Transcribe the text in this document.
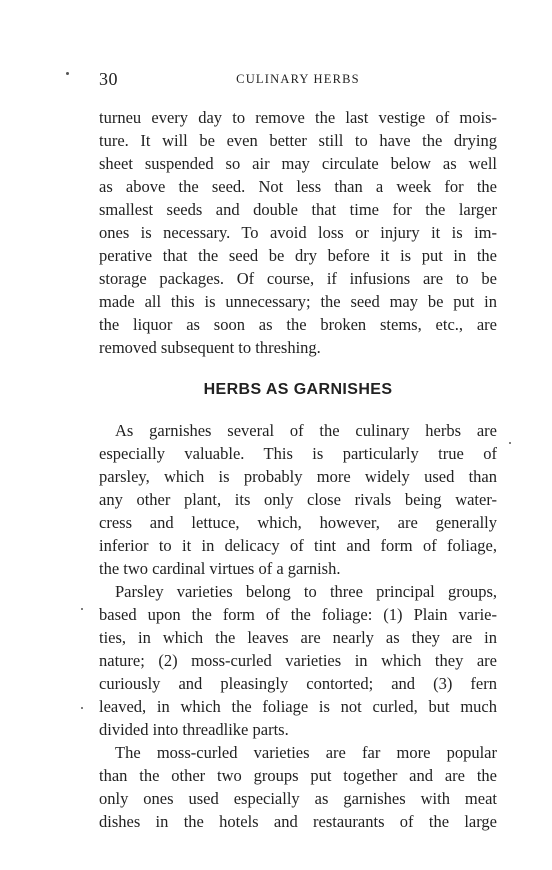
30	CULINARY HERBS
turneu every day to remove the last vestige of mois-
ture. It will be even better still to have the drying
sheet suspended so air may circulate below as well
as above the seed. Not less than a week for the
smallest seeds and double that time for the larger
ones is necessary. To avoid loss or injury it is im-
perative that the seed be dry before it is put in the
storage packages. Of course, if infusions are to be
made all this is unnecessary; the seed may be put in
the liquor as soon as the broken stems, etc., are
removed subsequent to threshing.
HERBS AS GARNISHES
As garnishes several of the culinary herbs are
especially valuable. This is particularly true of
parsley, which is probably more widely used than
any other plant, its only close rivals being water-
cress and lettuce, which, however, are generally
inferior to it in delicacy of tint and form of foliage,
the two cardinal virtues of a garnish.
Parsley varieties belong to three principal groups,
based upon the form of the foliage: (1) Plain varie-
ties, in which the leaves are nearly as they are in
nature; (2) moss-curled varieties in which they are
curiously and pleasingly contorted; and (3) fern
leaved, in which the foliage is not curled, but much
divided into threadlike parts.
The moss-curled varieties are far more popular
than the other two groups put together and are the
only ones used especially as garnishes with meat
dishes in the hotels and restaurants of the large
